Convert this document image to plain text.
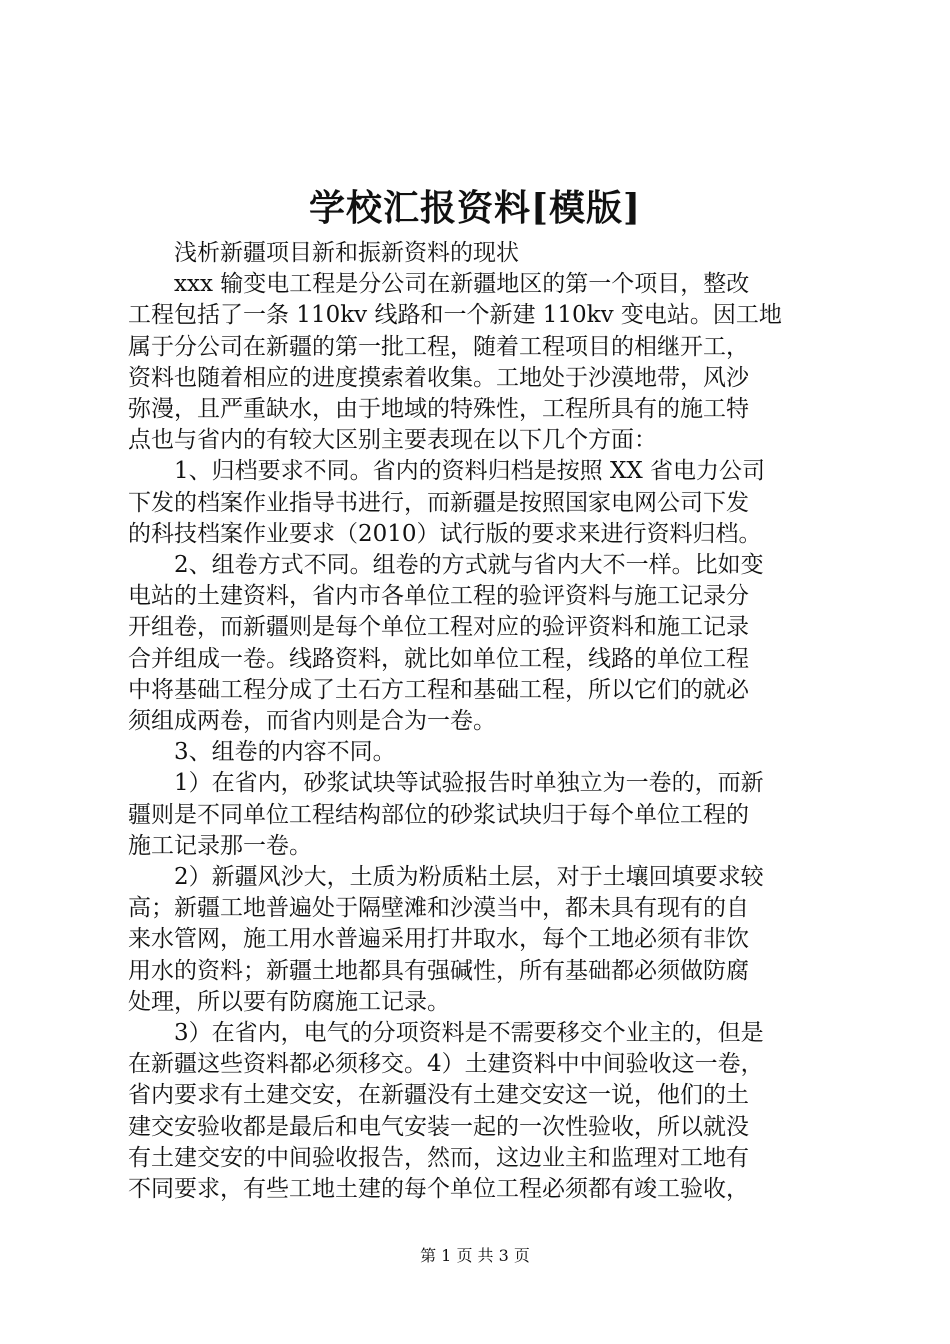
学校汇报资料[模版]
浅析新疆项目新和振新资料的现状
xxx 输变电工程是分公司在新疆地区的第一个项目，整改
工程包括了一条 110kv 线路和一个新建 110kv 变电站。因工地
属于分公司在新疆的第一批工程，随着工程项目的相继开工，
资料也随着相应的进度摸索着收集。工地处于沙漠地带，风沙
弥漫，且严重缺水，由于地域的特殊性，工程所具有的施工特
点也与省内的有较大区别主要表现在以下几个方面：
1、归档要求不同。省内的资料归档是按照 XX 省电力公司
下发的档案作业指导书进行，而新疆是按照国家电网公司下发
的科技档案作业要求（2010）试行版的要求来进行资料归档。
2、组卷方式不同。组卷的方式就与省内大不一样。比如变
电站的土建资料，省内市各单位工程的验评资料与施工记录分
开组卷，而新疆则是每个单位工程对应的验评资料和施工记录
合并组成一卷。线路资料，就比如单位工程，线路的单位工程
中将基础工程分成了土石方工程和基础工程，所以它们的就必
须组成两卷，而省内则是合为一卷。
3、组卷的内容不同。
1）在省内，砂浆试块等试验报告时单独立为一卷的，而新
疆则是不同单位工程结构部位的砂浆试块归于每个单位工程的
施工记录那一卷。
2）新疆风沙大，土质为粉质粘土层，对于土壤回填要求较
高；新疆工地普遍处于隔壁滩和沙漠当中，都未具有现有的自
来水管网，施工用水普遍采用打井取水，每个工地必须有非饮
用水的资料；新疆土地都具有强碱性，所有基础都必须做防腐
处理，所以要有防腐施工记录。
3）在省内，电气的分项资料是不需要移交个业主的，但是
在新疆这些资料都必须移交。4）土建资料中中间验收这一卷，
省内要求有土建交安，在新疆没有土建交安这一说，他们的土
建交安验收都是最后和电气安装一起的一次性验收，所以就没
有土建交安的中间验收报告，然而，这边业主和监理对工地有
不同要求，有些工地土建的每个单位工程必须都有竣工验收，
第 1 页 共 3 页
